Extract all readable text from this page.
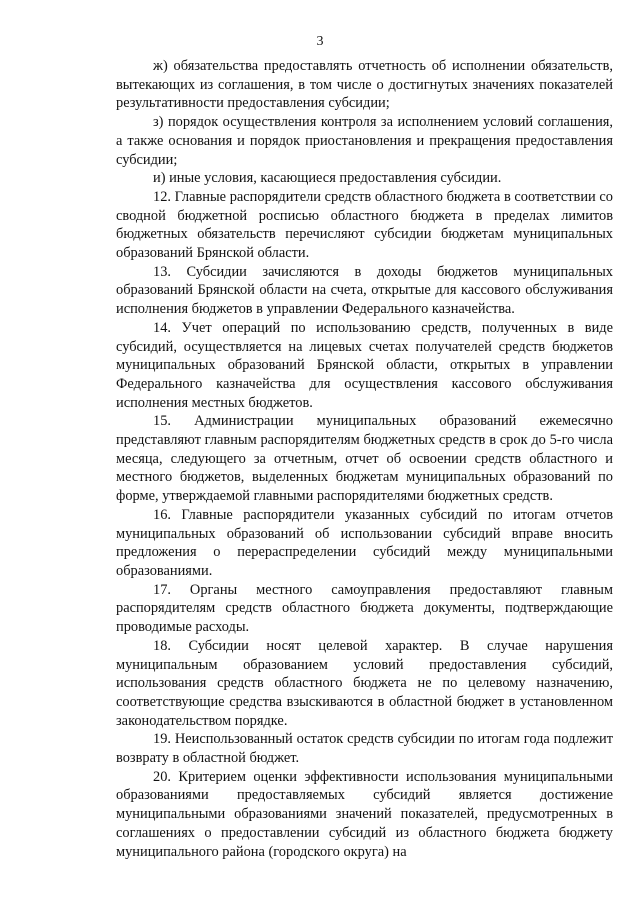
3

ж) обязательства предоставлять отчетность об исполнении обязательств, вытекающих из соглашения, в том числе о достигнутых значениях показателей результативности предоставления субсидии;

з) порядок осуществления контроля за исполнением условий соглашения, а также основания и порядок приостановления и прекращения предоставления субсидии;

и) иные условия, касающиеся предоставления субсидии.

12. Главные распорядители средств областного бюджета в соответствии со сводной бюджетной росписью областного бюджета в пределах лимитов бюджетных обязательств перечисляют субсидии бюджетам муниципальных образований Брянской области.

13. Субсидии зачисляются в доходы бюджетов муниципальных образований Брянской области на счета, открытые для кассового обслуживания исполнения бюджетов в управлении Федерального казначейства.

14. Учет операций по использованию средств, полученных в виде субсидий, осуществляется на лицевых счетах получателей средств бюджетов муниципальных образований Брянской области, открытых в управлении Федерального казначейства для осуществления кассового обслуживания исполнения местных бюджетов.

15. Администрации муниципальных образований ежемесячно представляют главным распорядителям бюджетных средств в срок до 5-го числа месяца, следующего за отчетным, отчет об освоении средств областного и местного бюджетов, выделенных бюджетам муниципальных образований по форме, утверждаемой главными распорядителями бюджетных средств.

16. Главные распорядители указанных субсидий по итогам отчетов муниципальных образований об использовании субсидий вправе вносить предложения о перераспределении субсидий между муниципальными образованиями.

17. Органы местного самоуправления предоставляют главным распорядителям средств областного бюджета документы, подтверждающие проводимые расходы.

18. Субсидии носят целевой характер. В случае нарушения муниципальным образованием условий предоставления субсидий, использования средств областного бюджета не по целевому назначению, соответствующие средства взыскиваются в областной бюджет в установленном законодательством порядке.

19. Неиспользованный остаток средств субсидии по итогам года подлежит возврату в областной бюджет.

20. Критерием оценки эффективности использования муниципальными образованиями предоставляемых субсидий является достижение муниципальными образованиями значений показателей, предусмотренных в соглашениях о предоставлении субсидий из областного бюджета бюджету муниципального района (городского округа) на
